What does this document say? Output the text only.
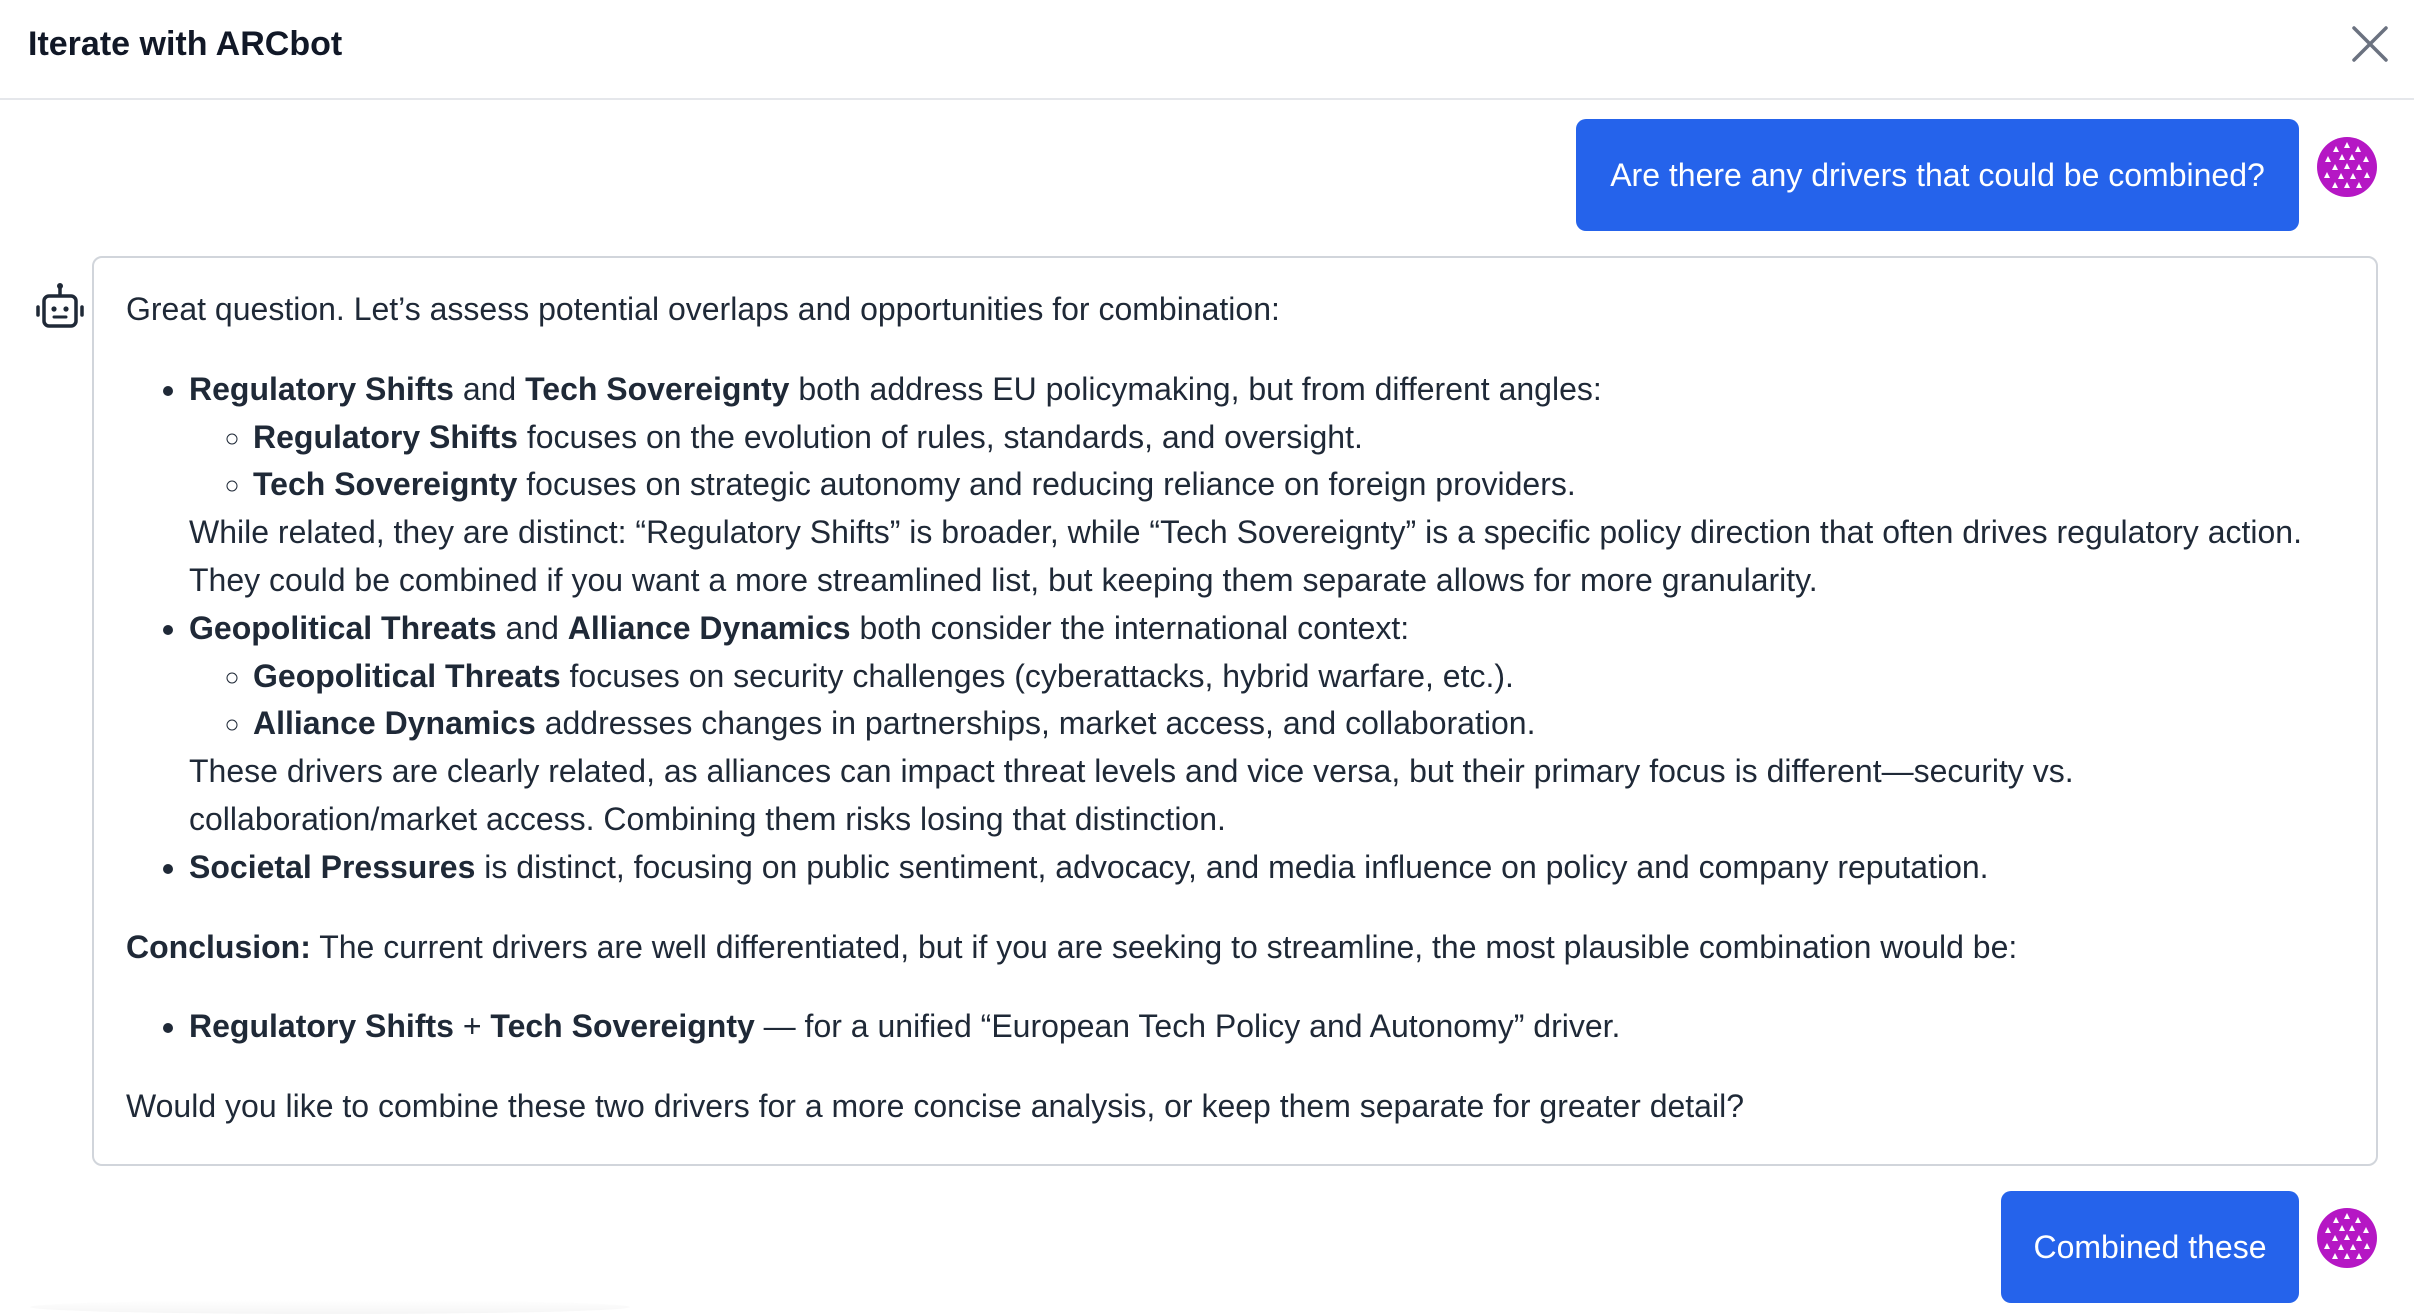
Iterate with ARCbot
Are there any drivers that could be combined?

Great question. Let’s assess potential overlaps and opportunities for combination:

• Regulatory Shifts and Tech Sovereignty both address EU policymaking, but from different angles:
◦ Regulatory Shifts focuses on the evolution of rules, standards, and oversight.
◦ Tech Sovereignty focuses on strategic autonomy and reducing reliance on foreign providers.
While related, they are distinct: “Regulatory Shifts” is broader, while “Tech Sovereignty” is a specific policy direction that often drives regulatory action. They could be combined if you want a more streamlined list, but keeping them separate allows for more granularity.
• Geopolitical Threats and Alliance Dynamics both consider the international context:
◦ Geopolitical Threats focuses on security challenges (cyberattacks, hybrid warfare, etc.).
◦ Alliance Dynamics addresses changes in partnerships, market access, and collaboration.
These drivers are clearly related, as alliances can impact threat levels and vice versa, but their primary focus is different—security vs. collaboration/market access. Combining them risks losing that distinction.
• Societal Pressures is distinct, focusing on public sentiment, advocacy, and media influence on policy and company reputation.

Conclusion: The current drivers are well differentiated, but if you are seeking to streamline, the most plausible combination would be:

• Regulatory Shifts + Tech Sovereignty — for a unified “European Tech Policy and Autonomy” driver.

Would you like to combine these two drivers for a more concise analysis, or keep them separate for greater detail?

Combined these
